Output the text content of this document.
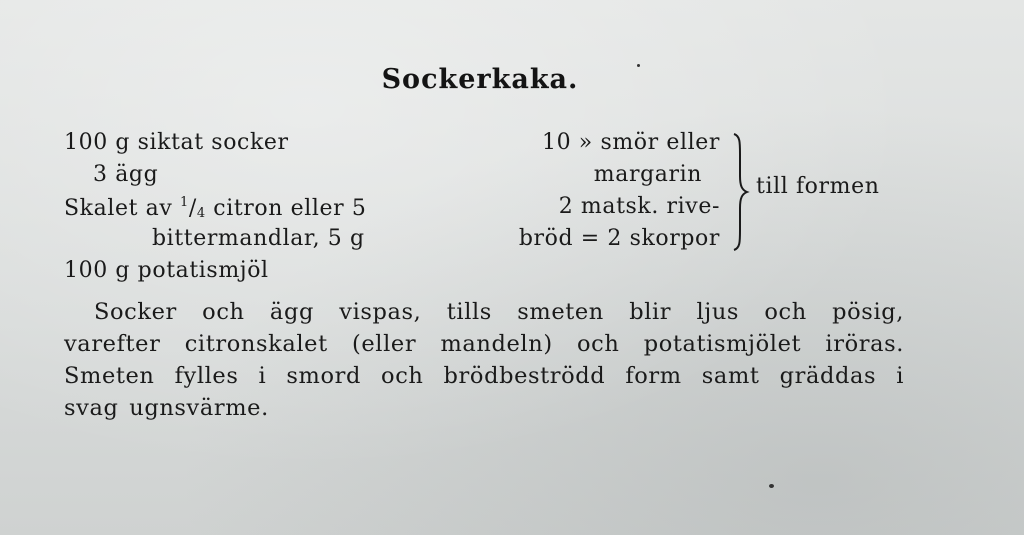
Sockerkaka.
100 g siktat socker
3 ägg
Skalet av $^1/_4$ citron eller 5
bittermandlar, 5 g
100 g potatismjöl
10 » smör eller
margarin
2 matsk. rive-
bröd = 2 skorpor
till formen
Socker och ägg vispas, tills smeten blir ljus och pösig,
varefter citronskalet (eller mandeln) och potatismjölet iröras.
Smeten fylles i smord och brödbeströdd form samt gräddas i
svag ugnsvärme.
